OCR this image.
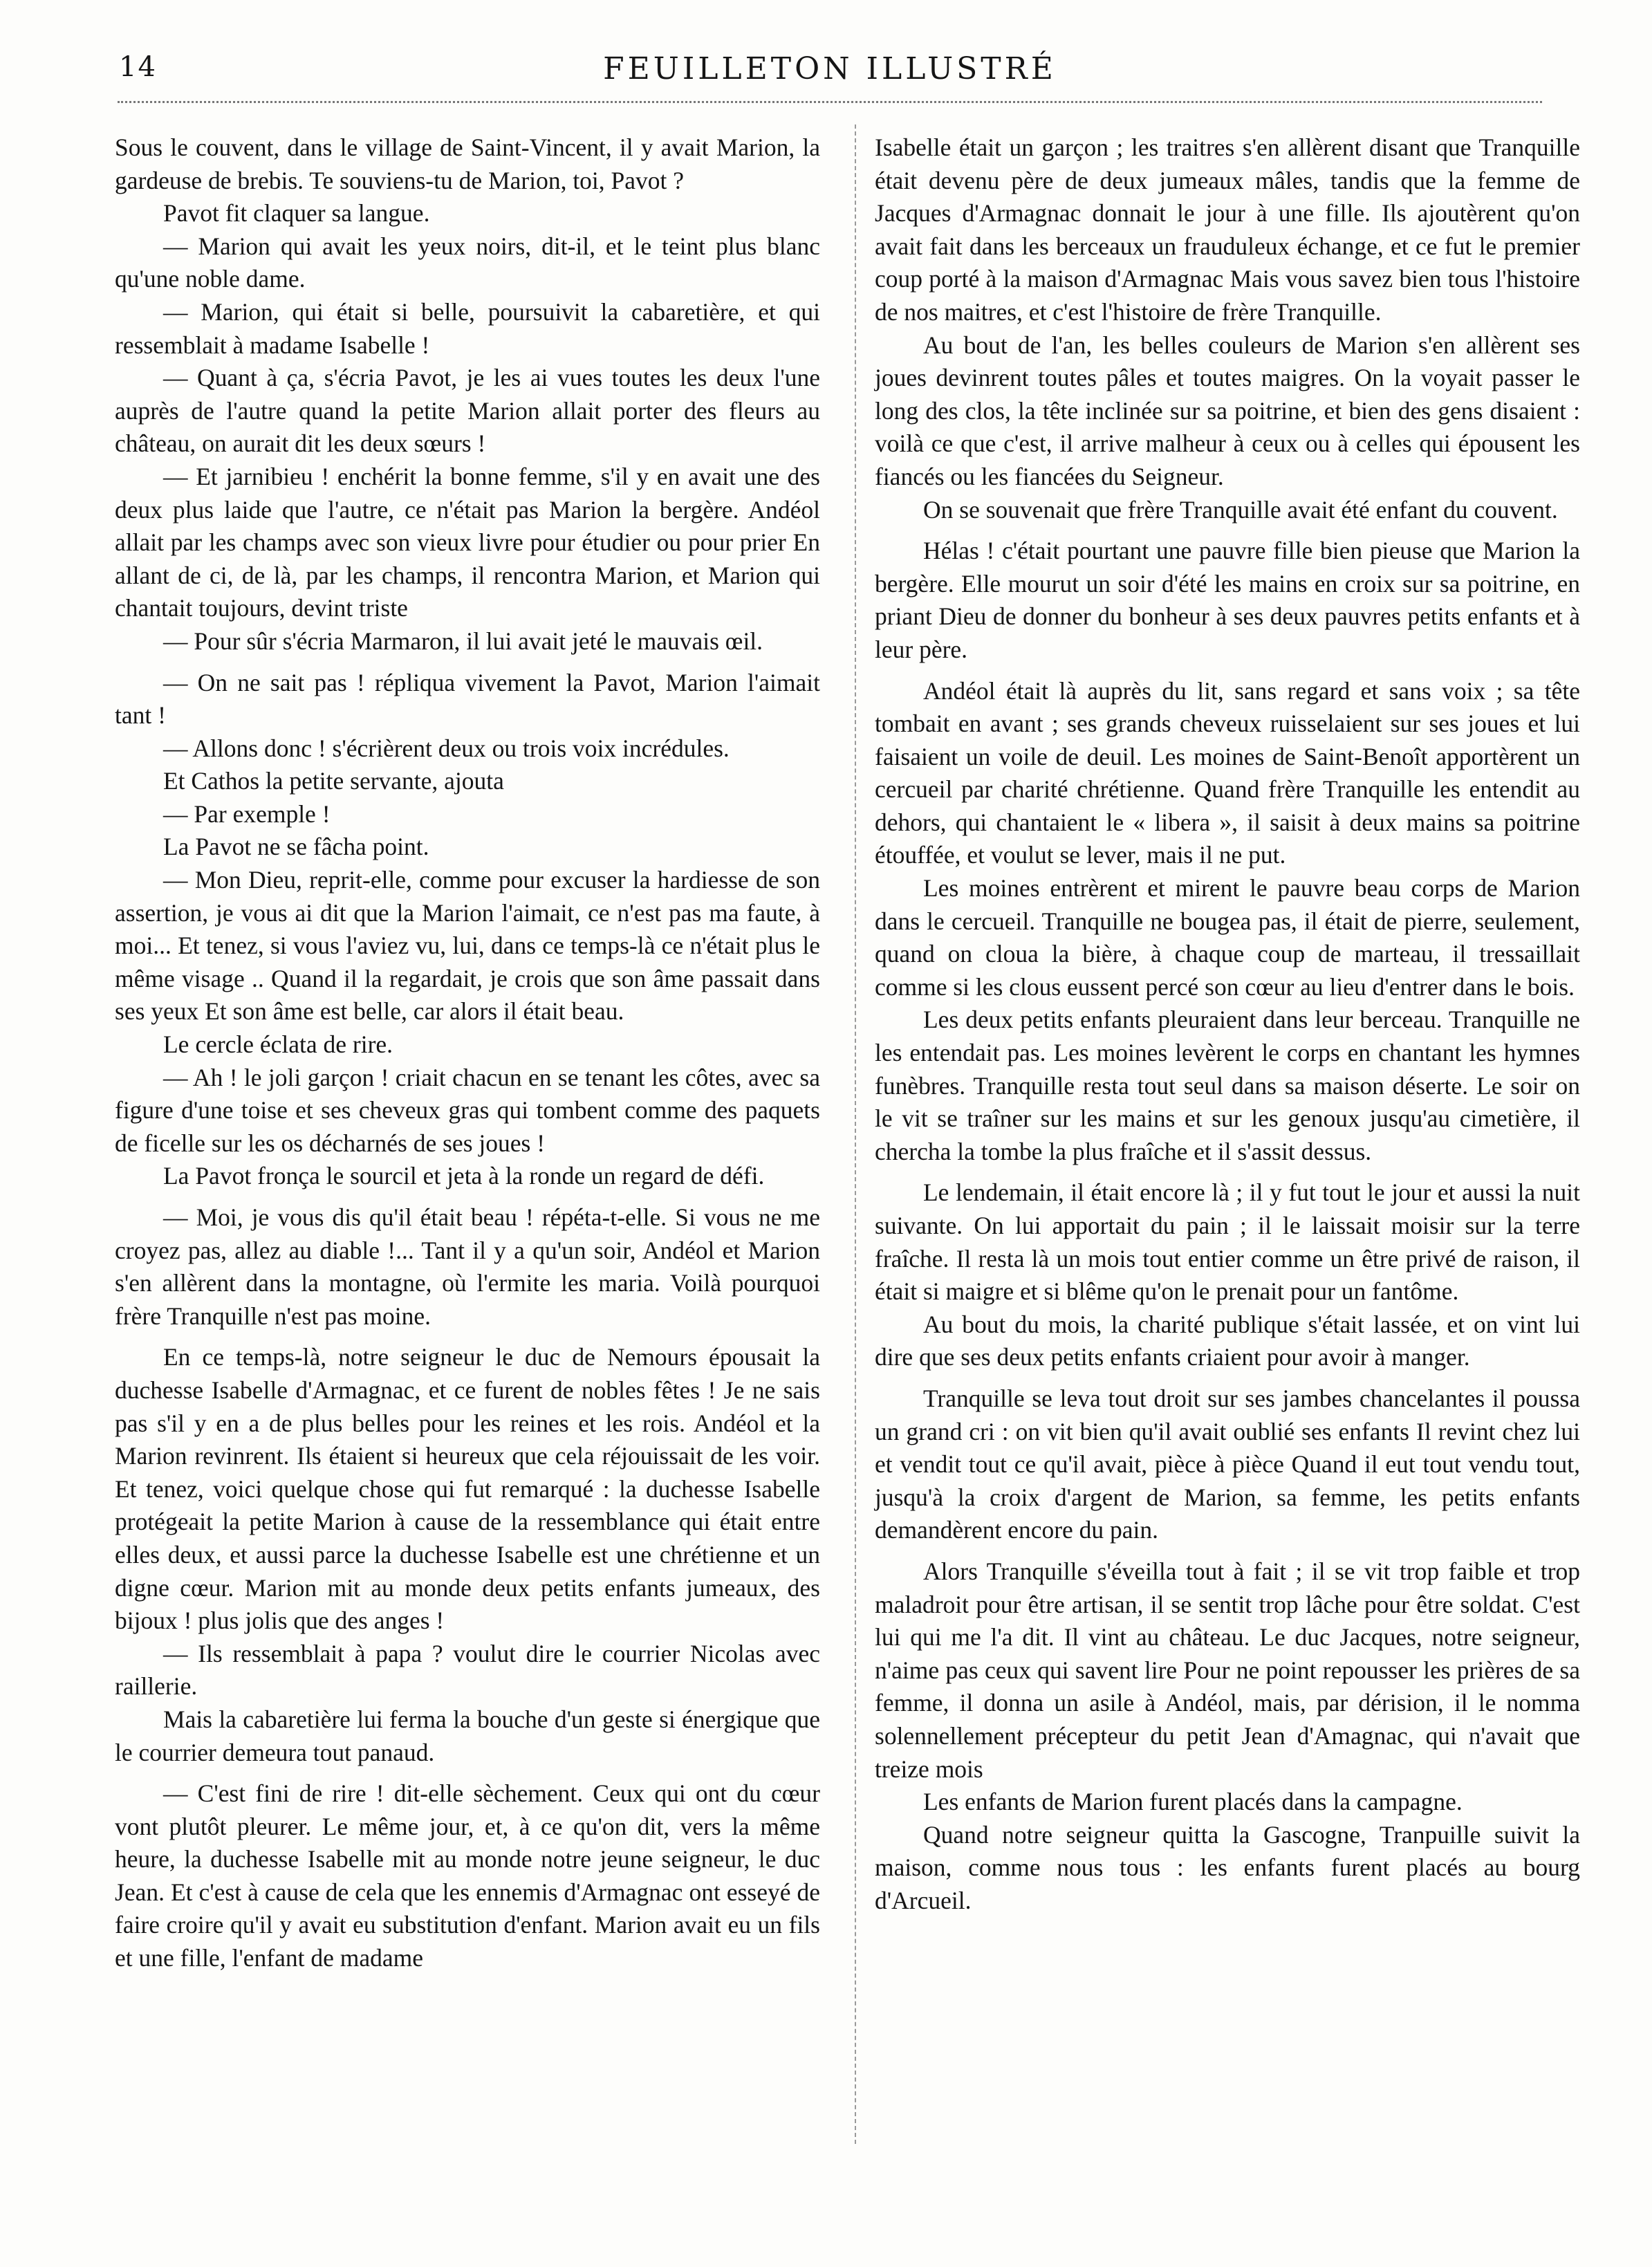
14	FEUILLETON ILLUSTRÉ

Sous le couvent, dans le village de Saint-Vincent, il y avait Marion, la gardeuse de brebis. Te souviens-tu de Marion, toi, Pavot ?

Pavot fit claquer sa langue.

— Marion qui avait les yeux noirs, dit-il, et le teint plus blanc qu'une noble dame.

— Marion, qui était si belle, poursuivit la cabaretière, et qui ressemblait à madame Isabelle !

— Quant à ça, s'écria Pavot, je les ai vues toutes les deux l'une auprès de l'autre quand la petite Marion allait porter des fleurs au château, on aurait dit les deux sœurs !

— Et jarnibieu ! enchérit la bonne femme, s'il y en avait une des deux plus laide que l'autre, ce n'était pas Marion la bergère. Andéol allait par les champs avec son vieux livre pour étudier ou pour prier En allant de ci, de là, par les champs, il rencontra Marion, et Marion qui chantait toujours, devint triste

— Pour sûr s'écria Marmaron, il lui avait jeté le mauvais œil.

— On ne sait pas ! répliqua vivement la Pavot, Marion l'aimait tant !

— Allons donc ! s'écrièrent deux ou trois voix incrédules.

Et Cathos la petite servante, ajouta

— Par exemple !

La Pavot ne se fâcha point.

— Mon Dieu, reprit-elle, comme pour excuser la hardiesse de son assertion, je vous ai dit que la Marion l'aimait, ce n'est pas ma faute, à moi... Et tenez, si vous l'aviez vu, lui, dans ce temps-là ce n'était plus le même visage .. Quand il la regardait, je crois que son âme passait dans ses yeux Et son âme est belle, car alors il était beau.

Le cercle éclata de rire.

— Ah ! le joli garçon ! criait chacun en se tenant les côtes, avec sa figure d'une toise et ses cheveux gras qui tombent comme des paquets de ficelle sur les os décharnés de ses joues !

La Pavot fronça le sourcil et jeta à la ronde un regard de défi.

— Moi, je vous dis qu'il était beau ! répéta-t-elle. Si vous ne me croyez pas, allez au diable !... Tant il y a qu'un soir, Andéol et Marion s'en allèrent dans la montagne, où l'ermite les maria. Voilà pourquoi frère Tranquille n'est pas moine.

En ce temps-là, notre seigneur le duc de Nemours épousait la duchesse Isabelle d'Armagnac, et ce furent de nobles fêtes ! Je ne sais pas s'il y en a de plus belles pour les reines et les rois. Andéol et la Marion revinrent. Ils étaient si heureux que cela réjouissait de les voir. Et tenez, voici quelque chose qui fut remarqué : la duchesse Isabelle protégeait la petite Marion à cause de la ressemblance qui était entre elles deux, et aussi parce la duchesse Isabelle est une chrétienne et un digne cœur. Marion mit au monde deux petits enfants jumeaux, des bijoux ! plus jolis que des anges !

— Ils ressemblait à papa ? voulut dire le courrier Nicolas avec raillerie.

Mais la cabaretière lui ferma la bouche d'un geste si énergique que le courrier demeura tout panaud.

— C'est fini de rire ! dit-elle sèchement. Ceux qui ont du cœur vont plutôt pleurer. Le même jour, et, à ce qu'on dit, vers la même heure, la duchesse Isabelle mit au monde notre jeune seigneur, le duc Jean. Et c'est à cause de cela que les ennemis d'Armagnac ont esseyé de faire croire qu'il y avait eu substitution d'enfant. Marion avait eu un fils et une fille, l'enfant de madame

Isabelle était un garçon ; les traitres s'en allèrent disant que Tranquille était devenu père de deux jumeaux mâles, tandis que la femme de Jacques d'Armagnac donnait le jour à une fille. Ils ajoutèrent qu'on avait fait dans les berceaux un frauduleux échange, et ce fut le premier coup porté à la maison d'Armagnac Mais vous savez bien tous l'histoire de nos maitres, et c'est l'histoire de frère Tranquille.

Au bout de l'an, les belles couleurs de Marion s'en allèrent ses joues devinrent toutes pâles et toutes maigres. On la voyait passer le long des clos, la tête inclinée sur sa poitrine, et bien des gens disaient : voilà ce que c'est, il arrive malheur à ceux ou à celles qui épousent les fiancés ou les fiancées du Seigneur.

On se souvenait que frère Tranquille avait été enfant du couvent.

Hélas ! c'était pourtant une pauvre fille bien pieuse que Marion la bergère. Elle mourut un soir d'été les mains en croix sur sa poitrine, en priant Dieu de donner du bonheur à ses deux pauvres petits enfants et à leur père.

Andéol était là auprès du lit, sans regard et sans voix ; sa tête tombait en avant ; ses grands cheveux ruisselaient sur ses joues et lui faisaient un voile de deuil. Les moines de Saint-Benoît apportèrent un cercueil par charité chrétienne. Quand frère Tranquille les entendit au dehors, qui chantaient le « libera », il saisit à deux mains sa poitrine étouffée, et voulut se lever, mais il ne put.

Les moines entrèrent et mirent le pauvre beau corps de Marion dans le cercueil. Tranquille ne bougea pas, il était de pierre, seulement, quand on cloua la bière, à chaque coup de marteau, il tressaillait comme si les clous eussent percé son cœur au lieu d'entrer dans le bois.

Les deux petits enfants pleuraient dans leur berceau. Tranquille ne les entendait pas. Les moines levèrent le corps en chantant les hymnes funèbres. Tranquille resta tout seul dans sa maison déserte. Le soir on le vit se traîner sur les mains et sur les genoux jusqu'au cimetière, il chercha la tombe la plus fraîche et il s'assit dessus.

Le lendemain, il était encore là ; il y fut tout le jour et aussi la nuit suivante. On lui apportait du pain ; il le laissait moisir sur la terre fraîche. Il resta là un mois tout entier comme un être privé de raison, il était si maigre et si blême qu'on le prenait pour un fantôme.

Au bout du mois, la charité publique s'était lassée, et on vint lui dire que ses deux petits enfants criaient pour avoir à manger.

Tranquille se leva tout droit sur ses jambes chancelantes il poussa un grand cri : on vit bien qu'il avait oublié ses enfants Il revint chez lui et vendit tout ce qu'il avait, pièce à pièce Quand il eut tout vendu tout, jusqu'à la croix d'argent de Marion, sa femme, les petits enfants demandèrent encore du pain.

Alors Tranquille s'éveilla tout à fait ; il se vit trop faible et trop maladroit pour être artisan, il se sentit trop lâche pour être soldat. C'est lui qui me l'a dit. Il vint au château. Le duc Jacques, notre seigneur, n'aime pas ceux qui savent lire Pour ne point repousser les prières de sa femme, il donna un asile à Andéol, mais, par dérision, il le nomma solennellement précepteur du petit Jean d'Amagnac, qui n'avait que treize mois

Les enfants de Marion furent placés dans la campagne.

Quand notre seigneur quitta la Gascogne, Tranpuille suivit la maison, comme nous tous : les enfants furent placés au bourg d'Arcueil.
